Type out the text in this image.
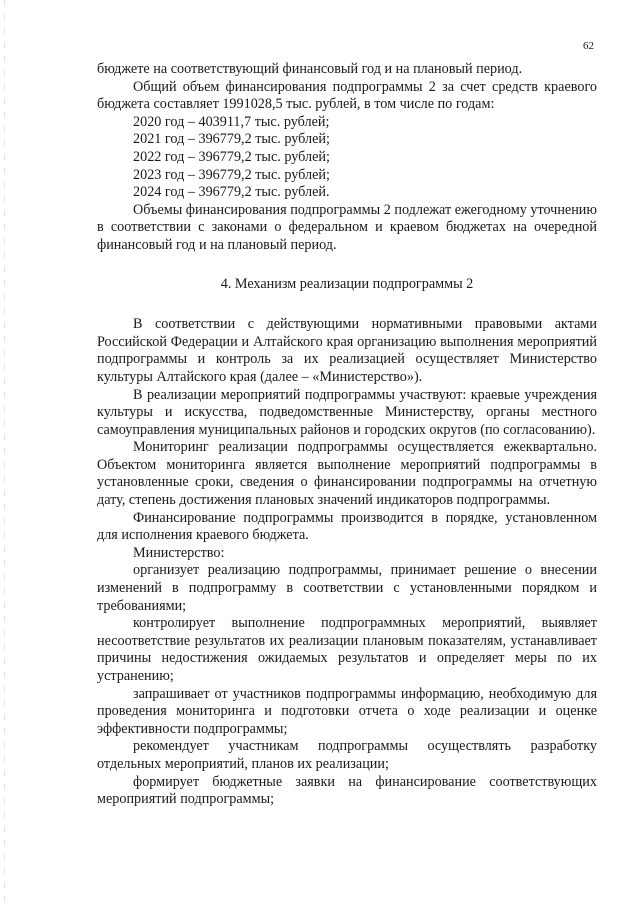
62

бюджете на соответствующий финансовый год и на плановый период.

Общий объем финансирования подпрограммы 2 за счет средств краевого бюджета составляет 1991028,5 тыс. рублей, в том числе по годам:

2020 год – 403911,7 тыс. рублей;

2021 год – 396779,2 тыс. рублей;

2022 год – 396779,2 тыс. рублей;

2023 год – 396779,2 тыс. рублей;

2024 год – 396779,2 тыс. рублей.

Объемы финансирования подпрограммы 2 подлежат ежегодному уточнению в соответствии с законами о федеральном и краевом бюджетах на очередной финансовый год и на плановый период.

4. Механизм реализации подпрограммы 2

В соответствии с действующими нормативными правовыми актами Российской Федерации и Алтайского края организацию выполнения мероприятий подпрограммы и контроль за их реализацией осуществляет Министерство культуры Алтайского края (далее – «Министерство»).

В реализации мероприятий подпрограммы участвуют: краевые учреждения культуры и искусства, подведомственные Министерству, органы местного самоуправления муниципальных районов и городских округов (по согласованию).

Мониторинг реализации подпрограммы осуществляется ежеквартально. Объектом мониторинга является выполнение мероприятий подпрограммы в установленные сроки, сведения о финансировании подпрограммы на отчетную дату, степень достижения плановых значений индикаторов подпрограммы.

Финансирование подпрограммы производится в порядке, установленном для исполнения краевого бюджета.

Министерство:

организует реализацию подпрограммы, принимает решение о внесении изменений в подпрограмму в соответствии с установленными порядком и требованиями;

контролирует выполнение подпрограммных мероприятий, выявляет несоответствие результатов их реализации плановым показателям, устанавливает причины недостижения ожидаемых результатов и определяет меры по их устранению;

запрашивает от участников подпрограммы информацию, необходимую для проведения мониторинга и подготовки отчета о ходе реализации и оценке эффективности подпрограммы;

рекомендует участникам подпрограммы осуществлять разработку отдельных мероприятий, планов их реализации;

формирует бюджетные заявки на финансирование соответствующих мероприятий подпрограммы;
